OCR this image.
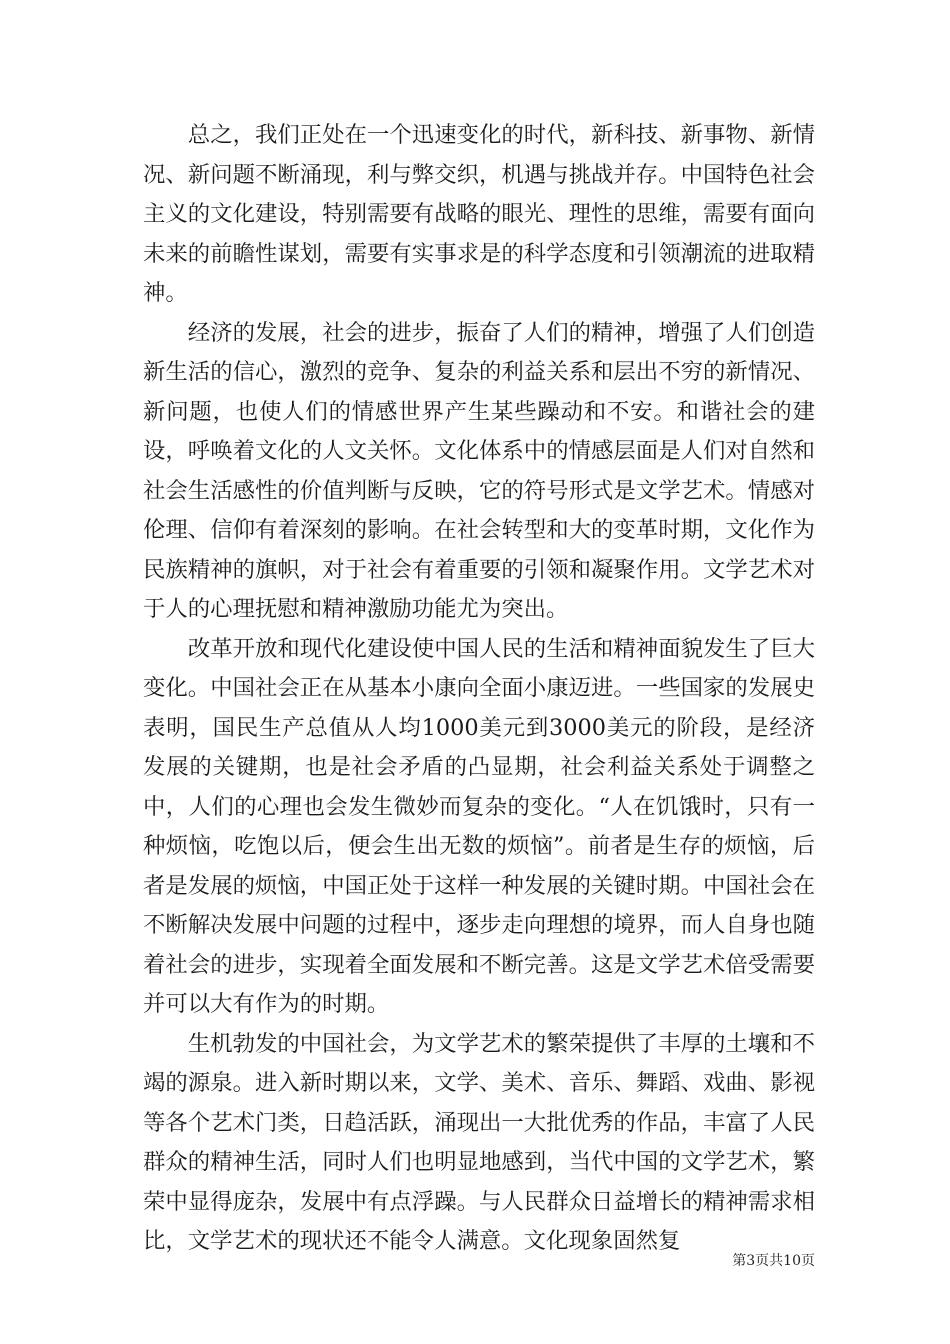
总之，我们正处在一个迅速变化的时代，新科技、新事物、新情况、新问题不断涌现，利与弊交织，机遇与挑战并存。中国特色社会主义的文化建设，特别需要有战略的眼光、理性的思维，需要有面向未来的前瞻性谋划，需要有实事求是的科学态度和引领潮流的进取精神。

经济的发展，社会的进步，振奋了人们的精神，增强了人们创造新生活的信心，激烈的竞争、复杂的利益关系和层出不穷的新情况、新问题，也使人们的情感世界产生某些躁动和不安。和谐社会的建设，呼唤着文化的人文关怀。文化体系中的情感层面是人们对自然和社会生活感性的价值判断与反映，它的符号形式是文学艺术。情感对伦理、信仰有着深刻的影响。在社会转型和大的变革时期，文化作为民族精神的旗帜，对于社会有着重要的引领和凝聚作用。文学艺术对于人的心理抚慰和精神激励功能尤为突出。

改革开放和现代化建设使中国人民的生活和精神面貌发生了巨大变化。中国社会正在从基本小康向全面小康迈进。一些国家的发展史表明，国民生产总值从人均1000美元到3000美元的阶段，是经济发展的关键期，也是社会矛盾的凸显期，社会利益关系处于调整之中，人们的心理也会发生微妙而复杂的变化。“人在饥饿时，只有一种烦恼，吃饱以后，便会生出无数的烦恼”。前者是生存的烦恼，后者是发展的烦恼，中国正处于这样一种发展的关键时期。中国社会在不断解决发展中问题的过程中，逐步走向理想的境界，而人自身也随着社会的进步，实现着全面发展和不断完善。这是文学艺术倍受需要并可以大有作为的时期。

生机勃发的中国社会，为文学艺术的繁荣提供了丰厚的土壤和不竭的源泉。进入新时期以来，文学、美术、音乐、舞蹈、戏曲、影视等各个艺术门类，日趋活跃，涌现出一大批优秀的作品，丰富了人民群众的精神生活，同时人们也明显地感到，当代中国的文学艺术，繁荣中显得庞杂，发展中有点浮躁。与人民群众日益增长的精神需求相比，文学艺术的现状还不能令人满意。文化现象固然复

第3页共10页
